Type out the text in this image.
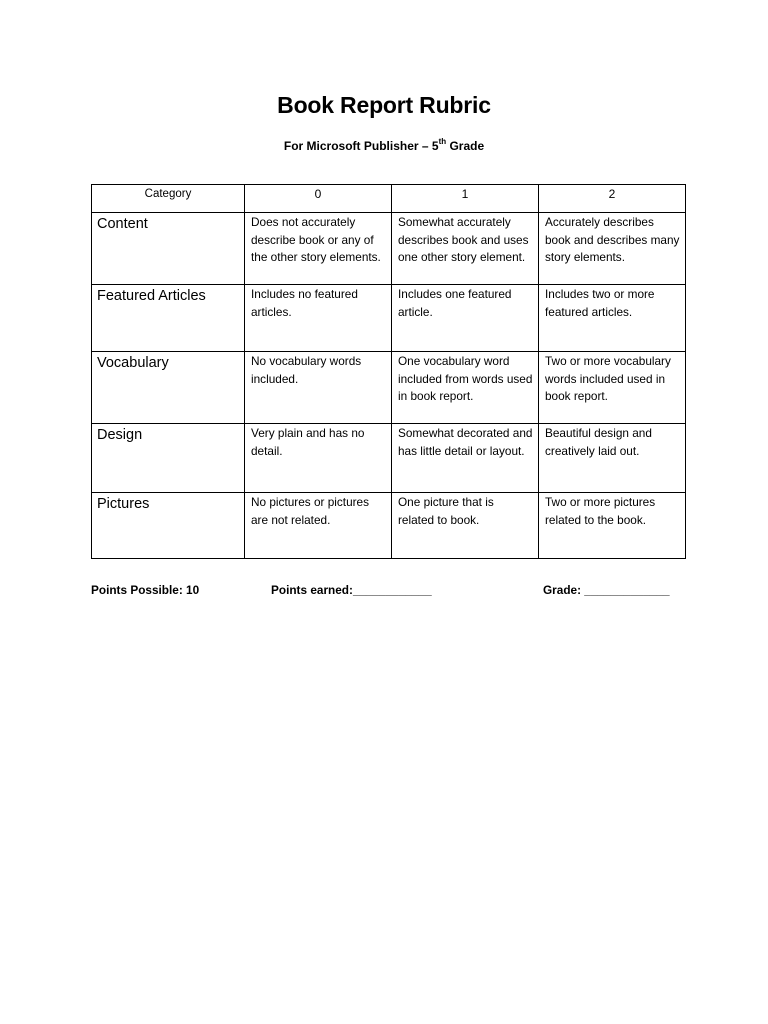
Book Report Rubric
For Microsoft Publisher – 5th Grade
Category	0	1	2
Content	Does not accurately describe book or any of the other story elements.	Somewhat accurately describes book and uses one other story element.	Accurately describes book and describes many story elements.
Featured Articles	Includes no featured articles.	Includes one featured article.	Includes two or more featured articles.
Vocabulary	No vocabulary words included.	One vocabulary word included from words used in book report.	Two or more vocabulary words included used in book report.
Design	Very plain and has no detail.	Somewhat decorated and has little detail or layout.	Beautiful design and creatively laid out.
Pictures	No pictures or pictures are not related.	One picture that is related to book.	Two or more pictures related to the book.
Points Possible: 10	Points earned:____________	Grade: _____________
